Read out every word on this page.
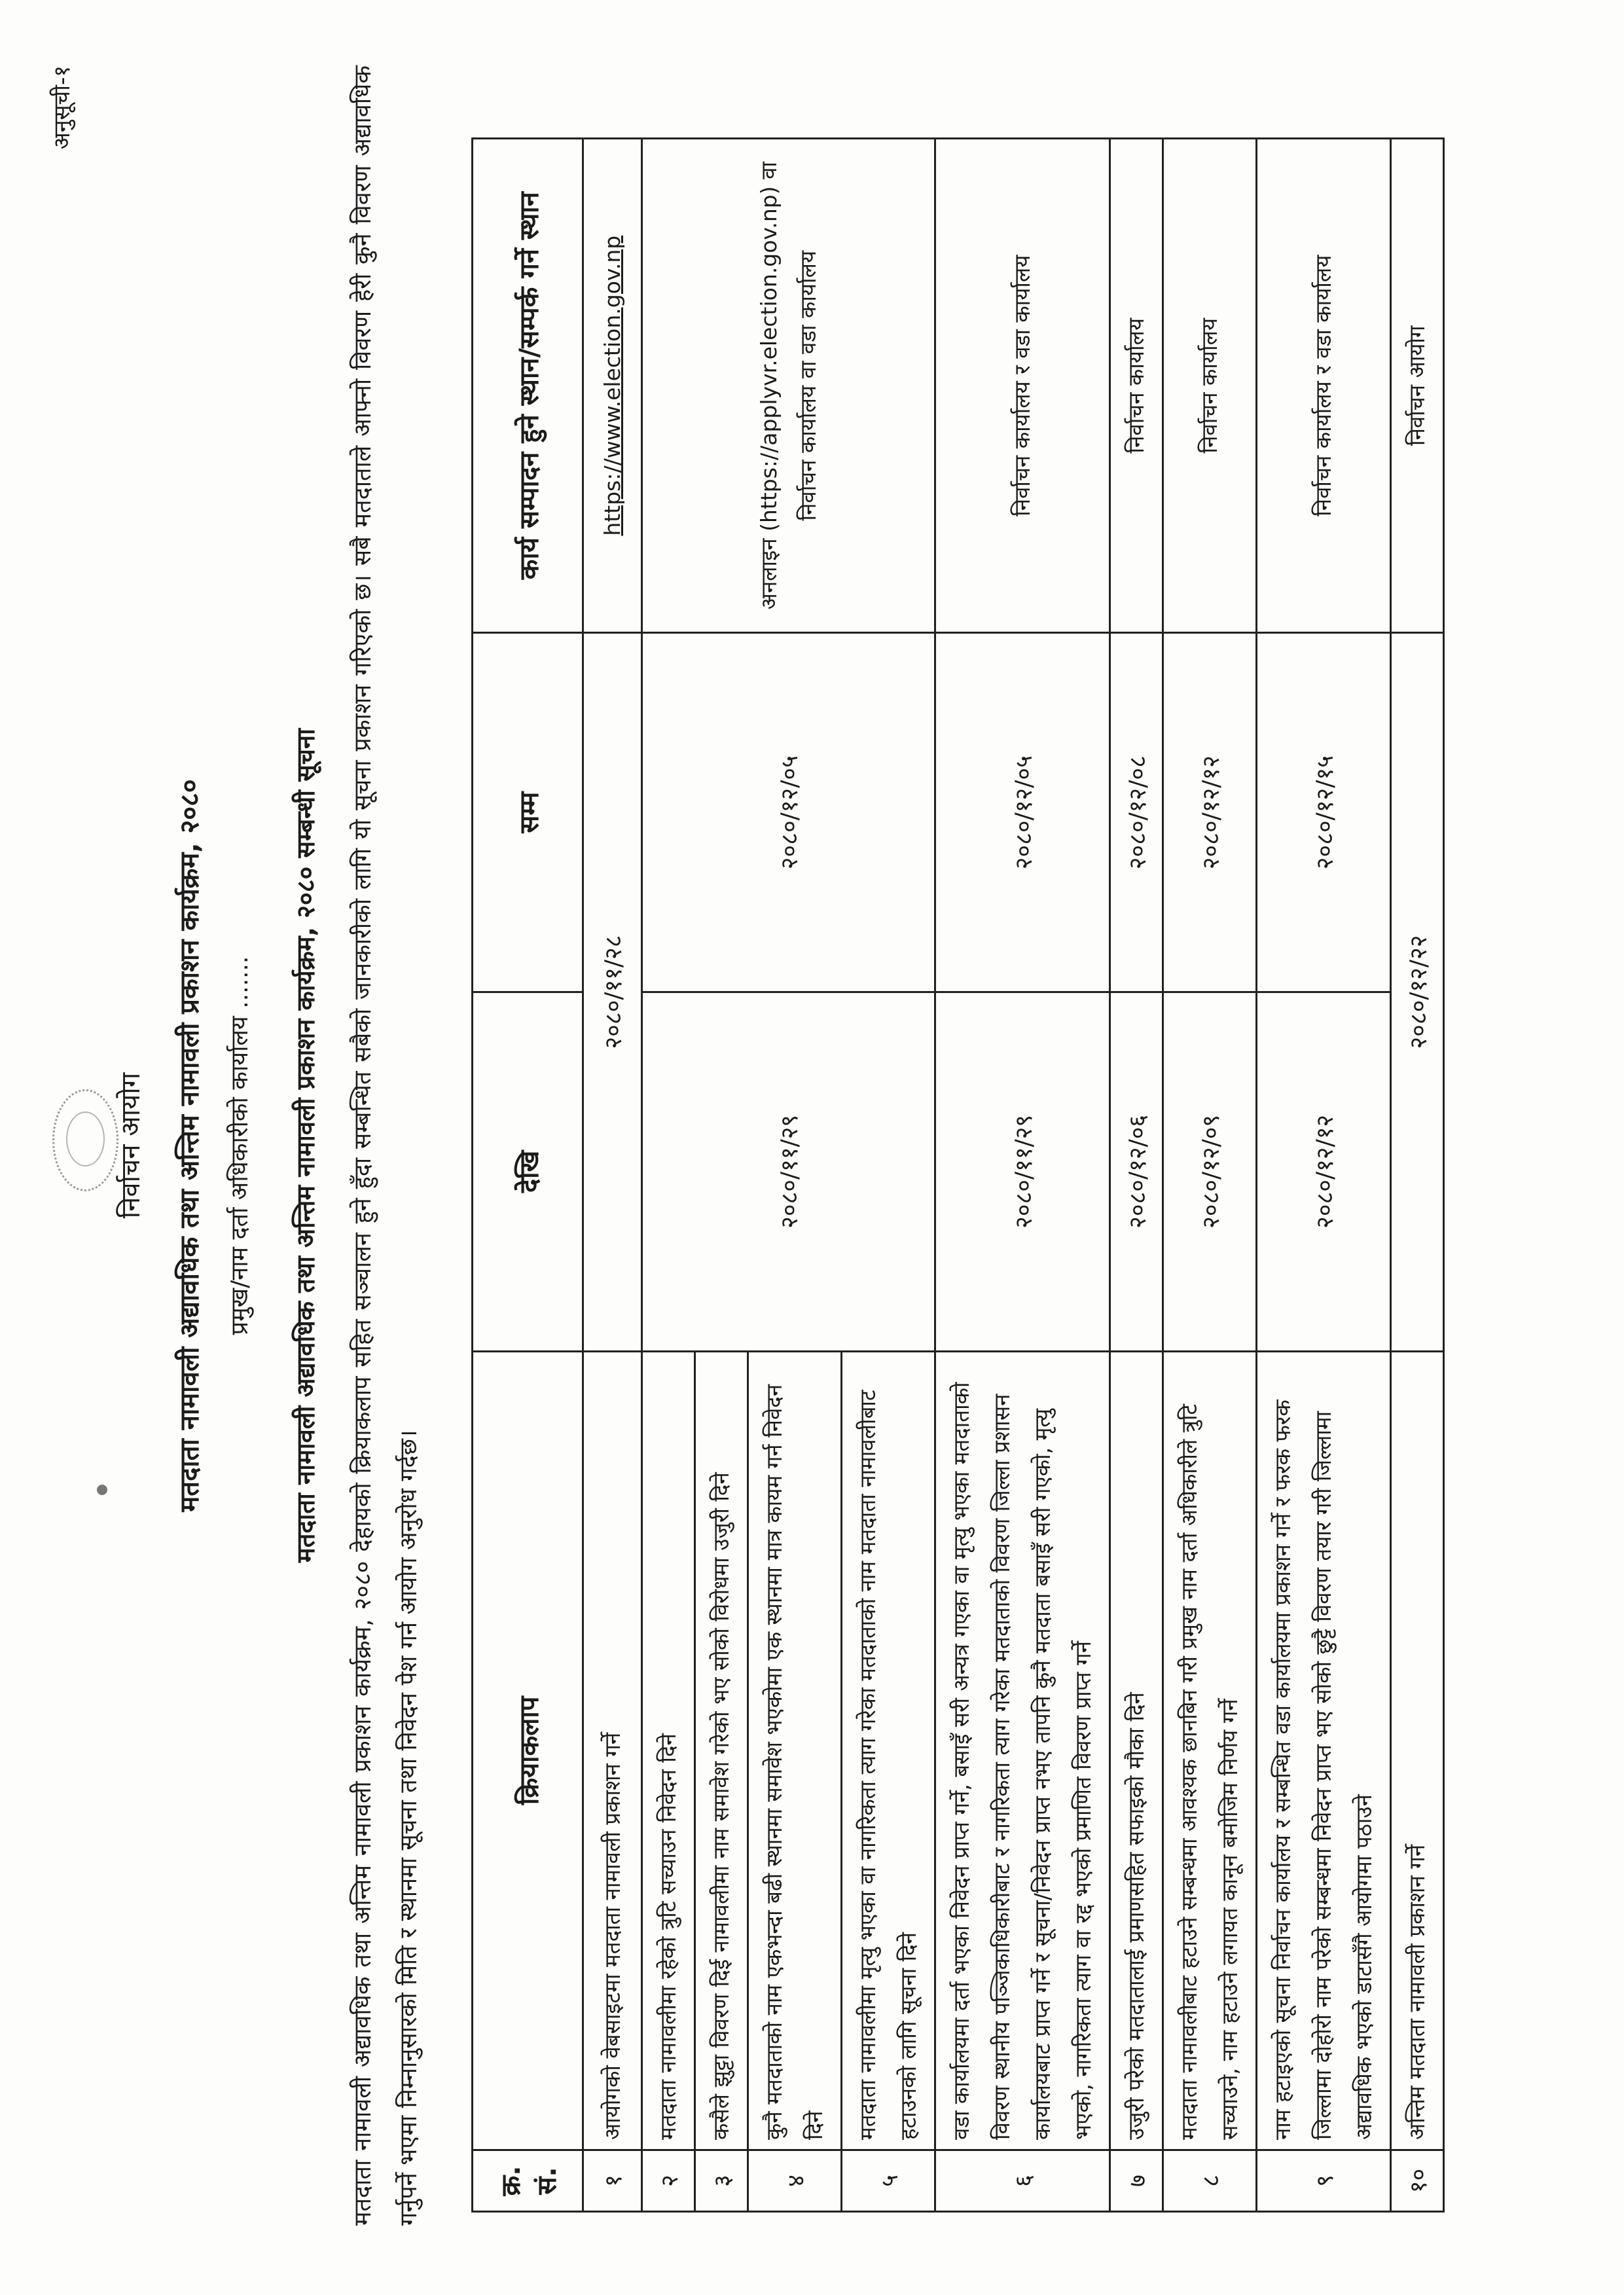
अनुसूची-१
निर्वाचन आयोग मतदाता नामावली अद्यावधिक तथा अन्तिम नामावली प्रकाशन कार्यक्रम, २०८० प्रमुख/नाम दर्ता अधिकारीको कार्यालय ....... मतदाता नामावली अद्यावधिक तथा अन्तिम नामावली प्रकाशन कार्यक्रम, २०८० सम्बन्धी सूचना	मतदाता नामावली अद्यावधिक तथा अन्तिम नामावली प्रकाशन कार्यक्रम, २०८० देहायको क्रियाकलाप सहित सञ्चालन हुने हुँदा सम्बन्धित सबैको जानकारीको लागि यो सूचना प्रकाशन गरिएको छ। सबै मतदाताले आफ्नो विवरण हेरी कुनै विवरण अद्यावधिक गर्नुपर्ने भएमा निम्नानुसारको मिति र स्थानमा सूचना तथा निवेदन पेश गर्न आयोग अनुरोध गर्दछ।	क्र. सं.	क्रियाकलाप	देखि	सम्म	कार्य सम्पादन हुने स्थान/सम्पर्क गर्ने स्थान
१	आयोगको वेबसाइटमा मतदाता नामावली प्रकाशन गर्ने	२०८०/११/२८		https://www.election.gov.np
२	मतदाता नामावलीमा रहेको त्रुटि सच्याउन निवेदन दिने	२०८०/११/२९	२०८०/१२/०५	अनलाइन (https://applyvr.election.gov.np) वा निर्वाचन कार्यालय वा वडा कार्यालय
३	कसैले झुट्टा विवरण दिई नामावलीमा नाम समावेश गरेको भए सोको विरोधमा उजुरी दिने			
४	कुनै मतदाताको नाम एकभन्दा बढी स्थानमा समावेश भएकोमा एक स्थानमा मात्र कायम गर्न निवेदन दिने			
५	मतदाता नामावलीमा मृत्यु भएका वा नागरिकता त्याग गरेका मतदाताको नाम मतदाता नामावलीबाट हटाउनको लागि सूचना दिने			
६	वडा कार्यालयमा दर्ता भएका निवेदन प्राप्त गर्ने, बसाइँ सरी अन्यत्र गएका वा मृत्यु भएका मतदाताको विवरण स्थानीय पञ्जिकाधिकारीबाट र नागरिकता त्याग गरेका मतदाताको विवरण जिल्ला प्रशासन कार्यालयबाट प्राप्त गर्ने र सूचना/निवेदन प्राप्त नभए तापनि कुनै मतदाता बसाइँ सरी गएको, मृत्यु भएको, नागरिकता त्याग वा रद्द भएको प्रमाणित विवरण प्राप्त गर्ने	२०८०/११/२९	२०८०/१२/०५	निर्वाचन कार्यालय र वडा कार्यालय
७	उजुरी परेको मतदातालाई प्रमाणसहित सफाइको मौका दिने	२०८०/१२/०६	२०८०/१२/०८	निर्वाचन कार्यालय
८	मतदाता नामावलीबाट हटाउने सम्बन्धमा आवश्यक छानबिन गरी प्रमुख नाम दर्ता अधिकारीले त्रुटि सच्याउने, नाम हटाउने लगायत कानून बमोजिम निर्णय गर्ने	२०८०/१२/०९	२०८०/१२/१२	निर्वाचन कार्यालय
९	नाम हटाइएको सूचना निर्वाचन कार्यालय र सम्बन्धित वडा कार्यालयमा प्रकाशन गर्ने र फरक फरक जिल्लामा दोहोरो नाम परेको सम्बन्धमा निवेदन प्राप्त भए सोको छुट्टै विवरण तयार गरी जिल्लामा अद्यावधिक भएको डाटासँगै आयोगमा पठाउने	२०८०/१२/१२	२०८०/१२/१५	निर्वाचन कार्यालय र वडा कार्यालय
१०	अन्तिम मतदाता नामावली प्रकाशन गर्ने	२०८०/१२/२२		निर्वाचन आयोग
